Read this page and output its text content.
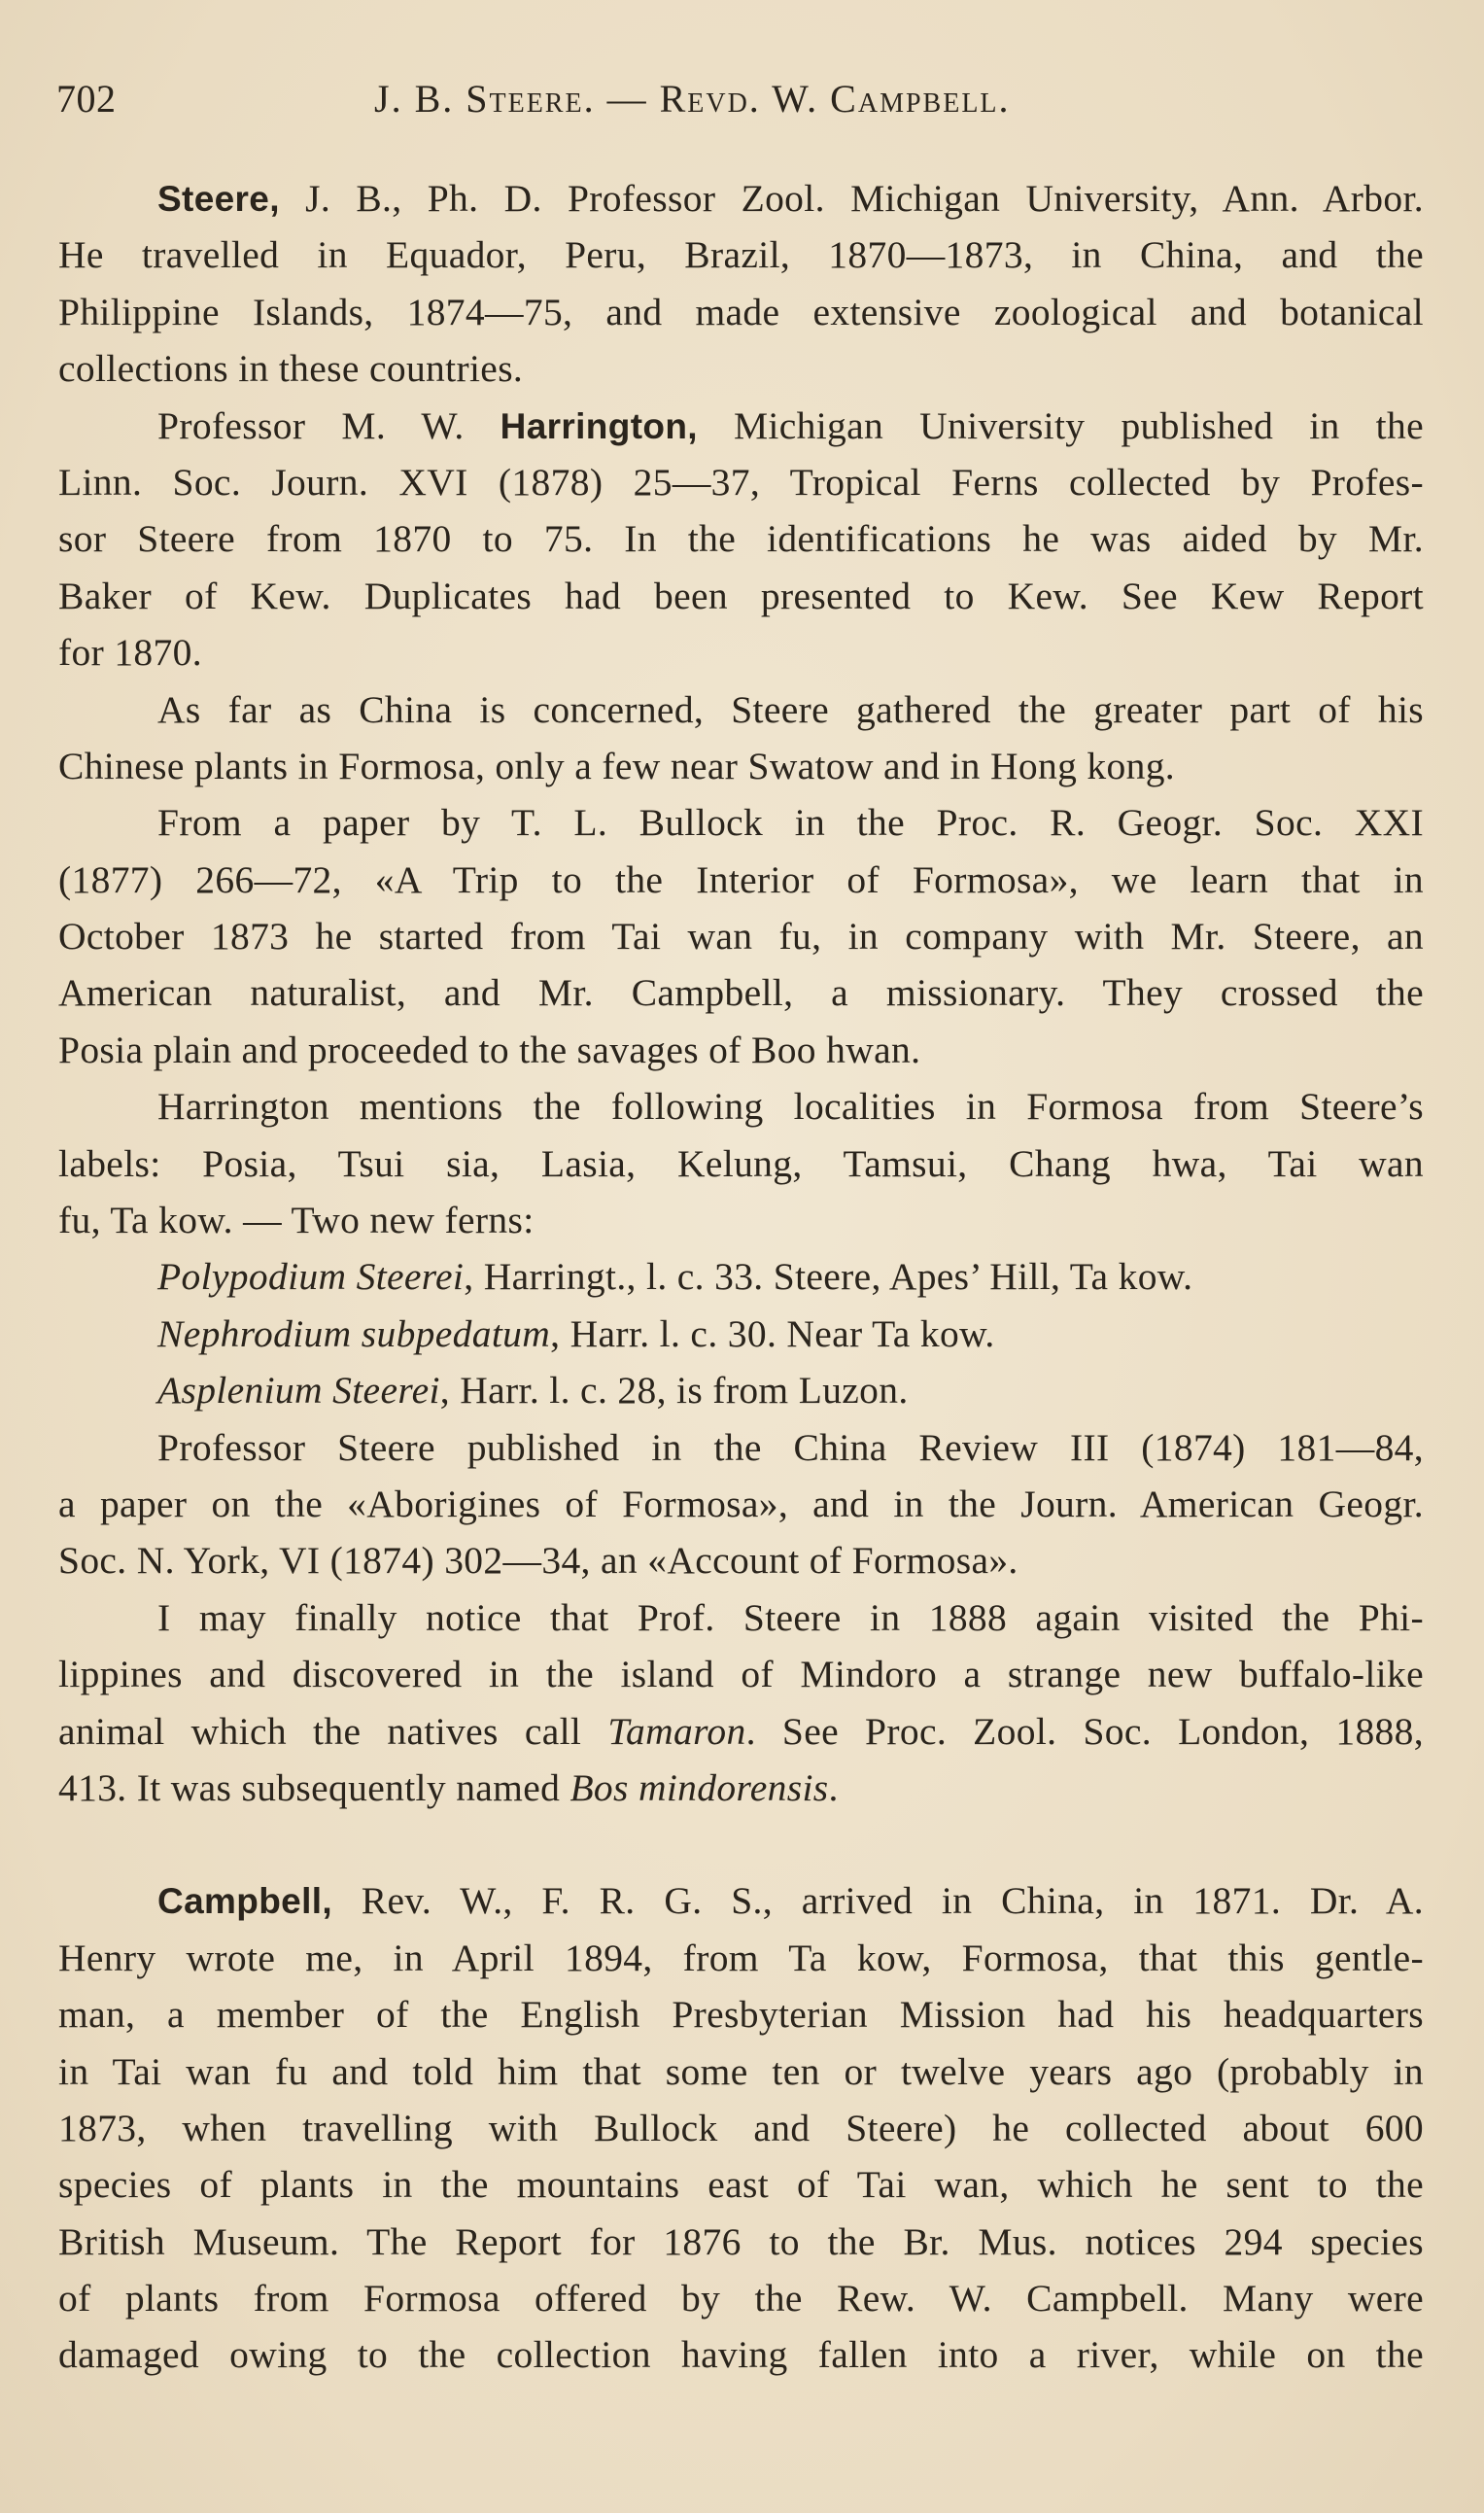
702	J. B. Steere. — Revd. W. Campbell.
Steere, J. B., Ph. D. Professor Zool. Michigan University, Ann. Arbor.
He travelled in Equador, Peru, Brazil, 1870—1873, in China, and the
Philippine Islands, 1874—75, and made extensive zoological and botanical
collections in these countries.
Professor M. W. Harrington, Michigan University published in the
Linn. Soc. Journ. XVI (1878) 25—37, Tropical Ferns collected by Profes-
sor Steere from 1870 to 75. In the identifications he was aided by Mr.
Baker of Kew. Duplicates had been presented to Kew. See Kew Report
for 1870.
As far as China is concerned, Steere gathered the greater part of his
Chinese plants in Formosa, only a few near Swatow and in Hong kong.
From a paper by T. L. Bullock in the Proc. R. Geogr. Soc. XXI
(1877) 266—72, «A Trip to the Interior of Formosa», we learn that in
October 1873 he started from Tai wan fu, in company with Mr. Steere, an
American naturalist, and Mr. Campbell, a missionary. They crossed the
Posia plain and proceeded to the savages of Boo hwan.
Harrington mentions the following localities in Formosa from Steere’s
labels: Posia, Tsui sia, Lasia, Kelung, Tamsui, Chang hwa, Tai wan
fu, Ta kow. — Two new ferns:
Polypodium Steerei, Harringt., l. c. 33. Steere, Apes’ Hill, Ta kow.
Nephrodium subpedatum, Harr. l. c. 30. Near Ta kow.
Asplenium Steerei, Harr. l. c. 28, is from Luzon.
Professor Steere published in the China Review III (1874) 181—84,
a paper on the «Aborigines of Formosa», and in the Journ. American Geogr.
Soc. N. York, VI (1874) 302—34, an «Account of Formosa».
I may finally notice that Prof. Steere in 1888 again visited the Phi-
lippines and discovered in the island of Mindoro a strange new buffalo-like
animal which the natives call Tamaron. See Proc. Zool. Soc. London, 1888,
413. It was subsequently named Bos mindorensis.
Campbell, Rev. W., F. R. G. S., arrived in China, in 1871. Dr. A.
Henry wrote me, in April 1894, from Ta kow, Formosa, that this gentle-
man, a member of the English Presbyterian Mission had his headquarters
in Tai wan fu and told him that some ten or twelve years ago (probably in
1873, when travelling with Bullock and Steere) he collected about 600
species of plants in the mountains east of Tai wan, which he sent to the
British Museum. The Report for 1876 to the Br. Mus. notices 294 species
of plants from Formosa offered by the Rew. W. Campbell. Many were
damaged owing to the collection having fallen into a river, while on the
